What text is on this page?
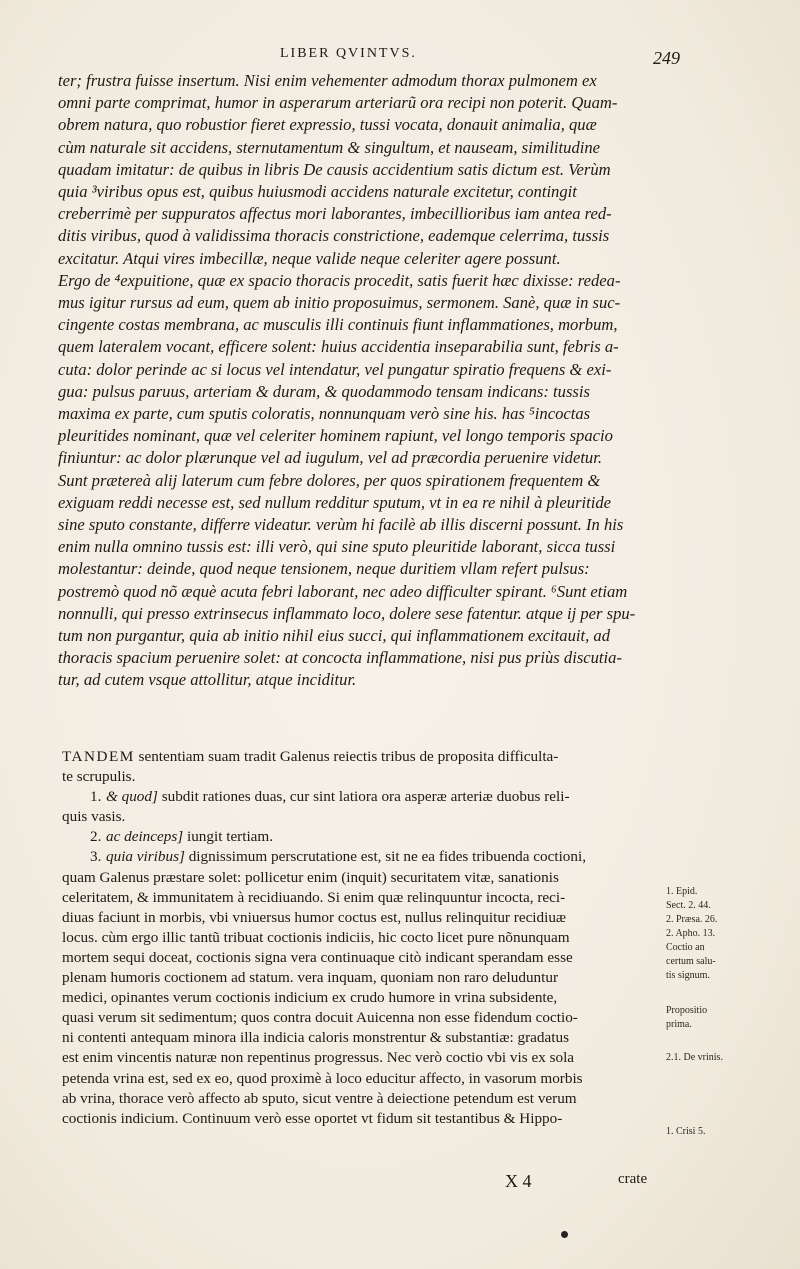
LIBER QVINTVS.	249

ter; frustra fuisse insertum. Nisi enim vehementer admodum thorax pulmonem ex

omni parte comprimat, humor in asperarum arteriarũ ora recipi non poterit. Quam-

obrem natura, quo robustior fieret expressio, tussi vocata, donauit animalia, quæ

cùm naturale sit accidens, sternutamentum & singultum, et nauseam, similitudine

quadam imitatur: de quibus in libris De causis accidentium satis dictum est. Verùm

quia ³viribus opus est, quibus huiusmodi accidens naturale excitetur, contingit

creberrimè per suppuratos affectus mori laborantes, imbecillioribus iam antea red-

ditis viribus, quod à validissima thoracis constrictione, eademque celerrima, tussis

excitatur. Atqui vires imbecillæ, neque valide neque celeriter agere possunt.

Ergo de ⁴expuitione, quæ ex spacio thoracis procedit, satis fuerit hæc dixisse: redea-

mus igitur rursus ad eum, quem ab initio proposuimus, sermonem. Sanè, quæ in suc-

cingente costas membrana, ac musculis illi continuis fiunt inflammationes, morbum,

quem lateralem vocant, efficere solent: huius accidentia inseparabilia sunt, febris a-

cuta: dolor perinde ac si locus vel intendatur, vel pungatur spiratio frequens & exi-

gua: pulsus paruus, arteriam & duram, & quodammodo tensam indicans: tussis

maxima ex parte, cum sputis coloratis, nonnunquam verò sine his. has ⁵incoctas

pleuritides nominant, quæ vel celeriter hominem rapiunt, vel longo temporis spacio

finiuntur: ac dolor plærunque vel ad iugulum, vel ad præcordia peruenire videtur.

Sunt prætereà alij laterum cum febre dolores, per quos spirationem frequentem &

exiguam reddi necesse est, sed nullum redditur sputum, vt in ea re nihil à pleuritide

sine sputo constante, differre videatur. verùm hi facilè ab illis discerni possunt. In his

enim nulla omnino tussis est: illi verò, qui sine sputo pleuritide laborant, sicca tussi

molestantur: deinde, quod neque tensionem, neque duritiem vllam refert pulsus:

postremò quod nõ æquè acuta febri laborant, nec adeo difficulter spirant. ⁶Sunt etiam

nonnulli, qui presso extrinsecus inflammato loco, dolere sese fatentur. atque ij per spu-

tum non purgantur, quia ab initio nihil eius succi, qui inflammationem excitauit, ad

thoracis spacium peruenire solet: at concocta inflammatione, nisi pus priùs discutia-

tur, ad cutem vsque attollitur, atque inciditur.

TANDEM sententiam suam tradit Galenus reiectis tribus de proposita difficulta-

te scrupulis.

1. & quod] subdit rationes duas, cur sint latiora ora asperæ arteriæ duobus reli-

quis vasis.

2. ac deinceps] iungit tertiam.

3. quia viribus] dignissimum perscrutatione est, sit ne ea fides tribuenda coctioni,

quam Galenus præstare solet: pollicetur enim (inquit) securitatem vitæ, sanationis

celeritatem, & immunitatem à recidiuando. Si enim quæ relinquuntur incocta, reci-

diuas faciunt in morbis, vbi vniuersus humor coctus est, nullus relinquitur recidiuæ

locus. cùm ergo illic tantũ tribuat coctionis indiciis, hic cocto licet pure nõnunquam

mortem sequi doceat, coctionis signa vera continuaque citò indicant sperandam esse

plenam humoris coctionem ad statum. vera inquam, quoniam non raro deluduntur

medici, opinantes verum coctionis indicium ex crudo humore in vrina subsidente,

quasi verum sit sedimentum; quos contra docuit Auicenna non esse fidendum coctio-

ni contenti antequam minora illa indicia caloris monstrentur & substantiæ: gradatus

est enim vincentis naturæ non repentinus progressus. Nec verò coctio vbi vis ex sola

petenda vrina est, sed ex eo, quod proximè à loco educitur affecto, in vasorum morbis

ab vrina, thorace verò affecto ab sputo, sicut ventre à deiectione petendum est verum

coctionis indicium. Continuum verò esse oportet vt fidum sit testantibus & Hippo-

1. Epid.
Sect. 2. 44.
2. Præsa. 26.
2. Apho. 13.
Coctio an
certum salu-
tis signum.
Propositio
prima.
2.1. De vrinis.
1. Crisi 5.
X 4	crate
